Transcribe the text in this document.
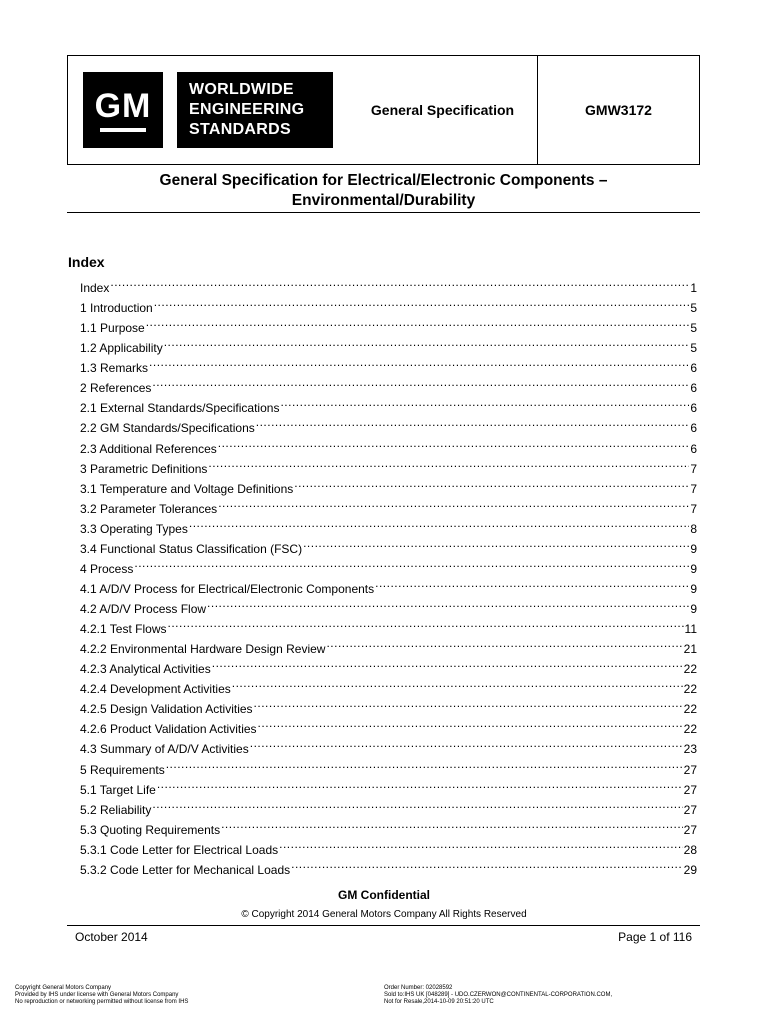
GM WORLDWIDE
ENGINEERING
STANDARDS
General Specification	GMW3172
General Specification for Electrical/Electronic Components –
Environmental/Durability
Index
Index .....	1
1 Introduction .....	5
1.1 Purpose .....	5
1.2 Applicability .....	5
1.3 Remarks .....	6
2 References .....	6
2.1 External Standards/Specifications .....	6
2.2 GM Standards/Specifications .....	6
2.3 Additional References .....	6
3 Parametric Definitions .....	7
3.1 Temperature and Voltage Definitions .....	7
3.2 Parameter Tolerances .....	7
3.3 Operating Types .....	8
3.4 Functional Status Classification (FSC) .....	9
4 Process .....	9
4.1 A/D/V Process for Electrical/Electronic Components .....	9
4.2 A/D/V Process Flow .....	9
4.2.1 Test Flows .....	11
4.2.2 Environmental Hardware Design Review .....	21
4.2.3 Analytical Activities .....	22
4.2.4 Development Activities .....	22
4.2.5 Design Validation Activities .....	22
4.2.6 Product Validation Activities .....	22
4.3 Summary of A/D/V Activities .....	23
5 Requirements .....	27
5.1 Target Life .....	27
5.2 Reliability .....	27
5.3 Quoting Requirements .....	27
5.3.1 Code Letter for Electrical Loads .....	28
5.3.2 Code Letter for Mechanical Loads .....	29
GM Confidential
© Copyright 2014 General Motors Company All Rights Reserved
October 2014	Page 1 of 116
Copyright General Motors Company
Provided by IHS under license with General Motors Company
No reproduction or networking permitted without license from IHS
Order Number: 02028592
Sold to:IHS UK [048289] - UDO.CZERWON@CONTINENTAL-CORPORATION.COM,
Not for Resale,2014-10-09 20:51:20 UTC
